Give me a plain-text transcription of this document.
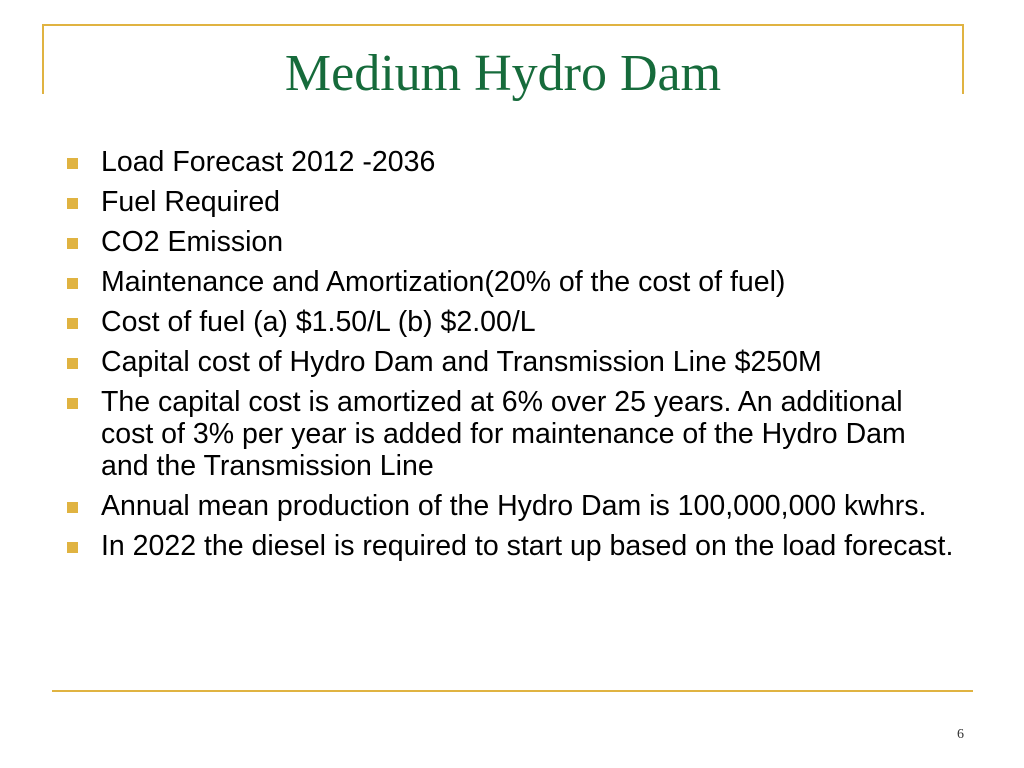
Medium Hydro Dam
Load Forecast 2012 -2036
Fuel Required
CO2 Emission
Maintenance and Amortization(20% of the cost of fuel)
Cost of fuel (a) $1.50/L (b) $2.00/L
Capital cost of Hydro Dam and Transmission Line $250M
The capital cost is amortized at 6% over 25 years. An additional cost of 3% per year is added for maintenance of the Hydro Dam and the Transmission Line
Annual mean production of the Hydro Dam is 100,000,000 kwhrs.
In 2022 the diesel is required to start up based on the load forecast.
6
